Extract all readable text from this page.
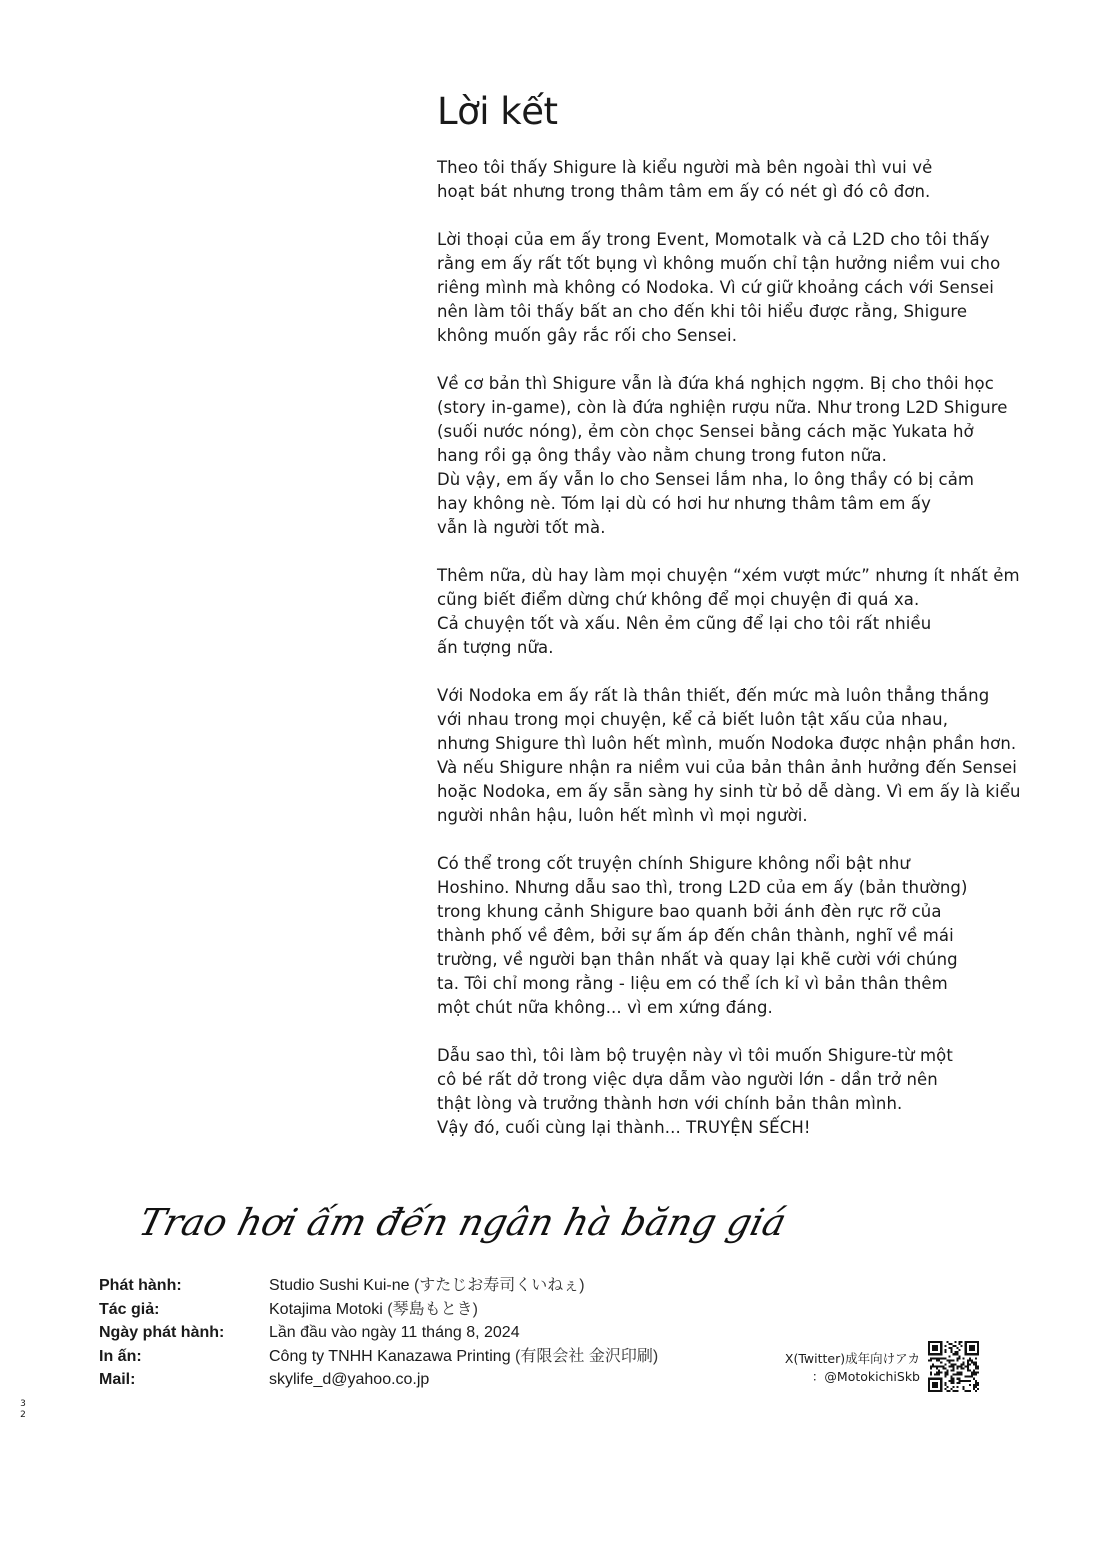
Lời kết

Theo tôi thấy Shigure là kiểu người mà bên ngoài thì vui vẻ
hoạt bát nhưng trong thâm tâm em ấy có nét gì đó cô đơn.

Lời thoại của em ấy trong Event, Momotalk và cả L2D cho tôi thấy
rằng em ấy rất tốt bụng vì không muốn chỉ tận hưởng niềm vui cho
riêng mình mà không có Nodoka. Vì cứ giữ khoảng cách với Sensei
nên làm tôi thấy bất an cho đến khi tôi hiểu được rằng, Shigure
không muốn gây rắc rối cho Sensei.

Về cơ bản thì Shigure vẫn là đứa khá nghịch ngợm. Bị cho thôi học
(story in-game), còn là đứa nghiện rượu nữa. Như trong L2D Shigure
(suối nước nóng), ẻm còn chọc Sensei bằng cách mặc Yukata hở
hang rồi gạ ông thầy vào nằm chung trong futon nữa.
Dù vậy, em ấy vẫn lo cho Sensei lắm nha, lo ông thầy có bị cảm
hay không nè. Tóm lại dù có hơi hư nhưng thâm tâm em ấy
vẫn là người tốt mà.

Thêm nữa, dù hay làm mọi chuyện “xém vượt mức” nhưng ít nhất ẻm
cũng biết điểm dừng chứ không để mọi chuyện đi quá xa.
Cả chuyện tốt và xấu. Nên ẻm cũng để lại cho tôi rất nhiều
ấn tượng nữa.

Với Nodoka em ấy rất là thân thiết, đến mức mà luôn thẳng thắng
với nhau trong mọi chuyện, kể cả biết luôn tật xấu của nhau,
nhưng Shigure thì luôn hết mình, muốn Nodoka được nhận phần hơn.
Và nếu Shigure nhận ra niềm vui của bản thân ảnh hưởng đến Sensei
hoặc Nodoka, em ấy sẵn sàng hy sinh từ bỏ dễ dàng. Vì em ấy là kiểu
người nhân hậu, luôn hết mình vì mọi người.

Có thể trong cốt truyện chính Shigure không nổi bật như
Hoshino. Nhưng dẫu sao thì, trong L2D của em ấy (bản thường)
trong khung cảnh Shigure bao quanh bởi ánh đèn rực rỡ của
thành phố về đêm, bởi sự ấm áp đến chân thành, nghĩ về mái
trường, về người bạn thân nhất và quay lại khẽ cười với chúng
ta. Tôi chỉ mong rằng - liệu em có thể ích kỉ vì bản thân thêm
một chút nữa không... vì em xứng đáng.

Dẫu sao thì, tôi làm bộ truyện này vì tôi muốn Shigure-từ một
cô bé rất dở trong việc dựa dẫm vào người lớn - dần trở nên
thật lòng và trưởng thành hơn với chính bản thân mình.
Vậy đó, cuối cùng lại thành... TRUYỆN SẾCH!

Trao hơi ấm đến ngân hà băng giá
Phát hành:	Studio Sushi Kui-ne (すたじお寿司くいねぇ)
Tác giả:	Kotajima Motoki (琴島もとき)
Ngày phát hành:	Lần đầu vào ngày 11 tháng 8, 2024
In ấn:	Công ty TNHH Kanazawa Printing (有限会社 金沢印刷)
Mail:	skylife_d@yahoo.co.jp
X(Twitter)成年向けアカ
：@MotokichiSkb
3
2
